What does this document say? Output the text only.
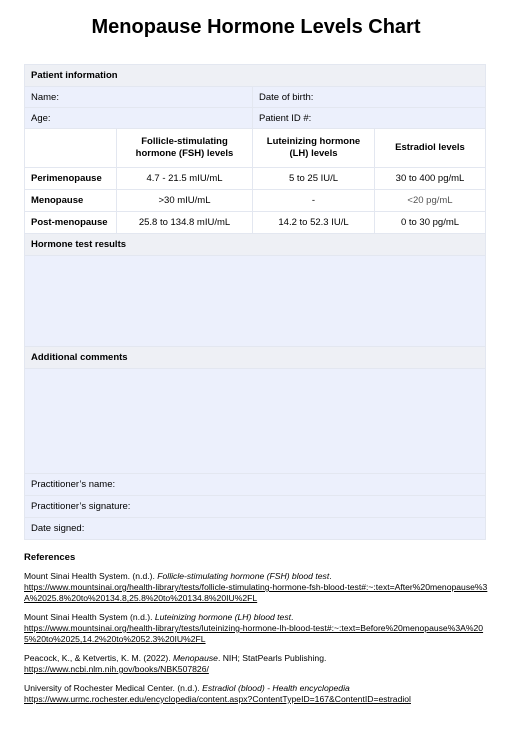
Menopause Hormone Levels Chart
Patient information			
Name:		Date of birth:	
Age:		Patient ID #:	
	Follicle-stimulating hormone (FSH) levels	Luteinizing hormone (LH) levels	Estradiol levels
Perimenopause	4.7 - 21.5 mIU/mL	5 to 25 IU/L	30 to 400 pg/mL
Menopause	>30 mIU/mL	-	<20 pg/mL
Post-menopause	25.8 to 134.8 mIU/mL	14.2 to 52.3 IU/L	0 to 30 pg/mL
Hormone test results			

Additional comments			

Practitioner’s name:			
Practitioner’s signature:			
Date signed:			
References
Mount Sinai Health System. (n.d.). Follicle-stimulating hormone (FSH) blood test.
https://www.mountsinai.org/health-library/tests/follicle-stimulating-hormone-fsh-blood-test#:~:text=After%20menopause%3A%2025.8%20to%20134.8,25.8%20to%20134.8%20IU%2FL
Mount Sinai Health System (n.d.). Luteinizing hormone (LH) blood test.
https://www.mountsinai.org/health-library/tests/luteinizing-hormone-lh-blood-test#:~:text=Before%20menopause%3A%205%20to%2025,14.2%20to%2052.3%20IU%2FL
Peacock, K., & Ketvertis, K. M. (2022). Menopause. NIH; StatPearls Publishing.
https://www.ncbi.nlm.nih.gov/books/NBK507826/
University of Rochester Medical Center. (n.d.). Estradiol (blood) - Health encyclopedia
https://www.urmc.rochester.edu/encyclopedia/content.aspx?ContentTypeID=167&ContentID=estradiol
